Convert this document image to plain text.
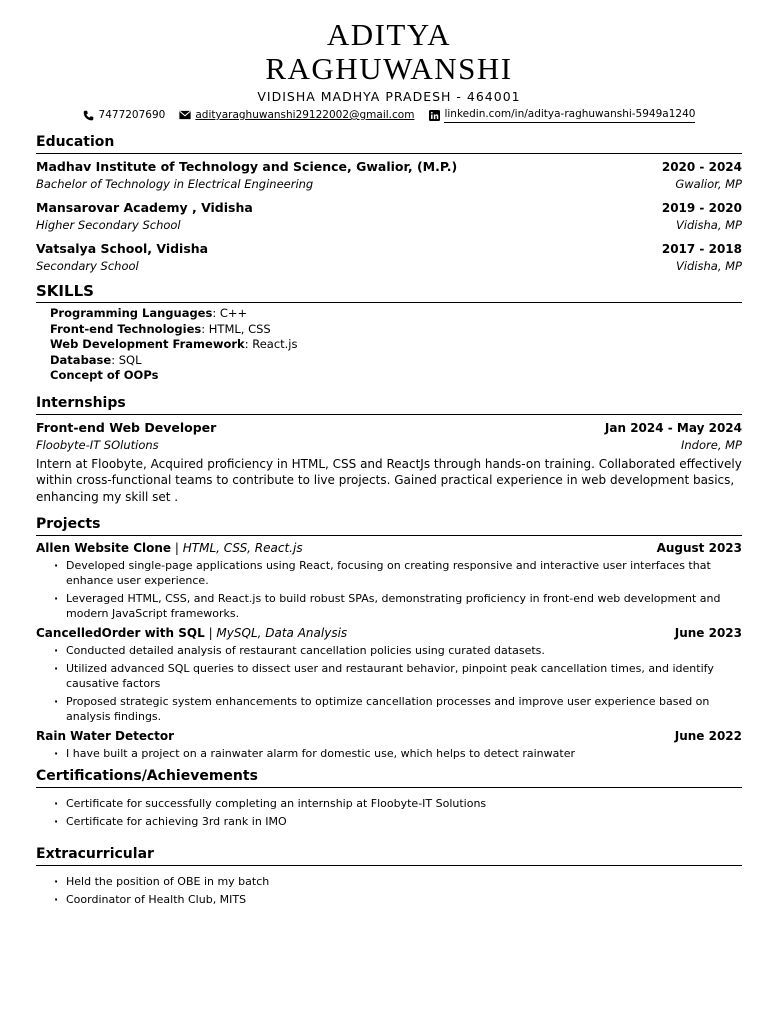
ADITYA
RAGHUWANSHI
VIDISHA MADHYA PRADESH - 464001
7477207690	adityaraghuwanshi29122002@gmail.com	linkedin.com/in/aditya-raghuwanshi-5949a1240
Education
Madhav Institute of Technology and Science, Gwalior, (M.P.)	2020 - 2024
Bachelor of Technology in Electrical Engineering	Gwalior, MP
Mansarovar Academy , Vidisha	2019 - 2020
Higher Secondary School	Vidisha, MP
Vatsalya School, Vidisha	2017 - 2018
Secondary School	Vidisha, MP
SKILLS
Programming Languages: C++
Front-end Technologies: HTML, CSS
Web Development Framework: React.js
Database: SQL
Concept of OOPs
Internships
Front-end Web Developer	Jan 2024 - May 2024
Floobyte-IT SOlutions	Indore, MP
Intern at Floobyte, Acquired proficiency in HTML, CSS and ReactJs through hands-on training. Collaborated effectively within cross-functional teams to contribute to live projects. Gained practical experience in web development basics, enhancing my skill set .
Projects
Allen Website Clone | HTML, CSS, React.js	August 2023
· Developed single-page applications using React, focusing on creating responsive and interactive user interfaces that enhance user experience.
· Leveraged HTML, CSS, and React.js to build robust SPAs, demonstrating proficiency in front-end web development and modern JavaScript frameworks.
CancelledOrder with SQL | MySQL, Data Analysis	June 2023
· Conducted detailed analysis of restaurant cancellation policies using curated datasets.
· Utilized advanced SQL queries to dissect user and restaurant behavior, pinpoint peak cancellation times, and identify causative factors
· Proposed strategic system enhancements to optimize cancellation processes and improve user experience based on analysis findings.
Rain Water Detector	June 2022
· I have built a project on a rainwater alarm for domestic use, which helps to detect rainwater
Certifications/Achievements
· Certificate for successfully completing an internship at Floobyte-IT Solutions
· Certificate for achieving 3rd rank in IMO
Extracurricular
· Held the position of OBE in my batch
· Coordinator of Health Club, MITS
